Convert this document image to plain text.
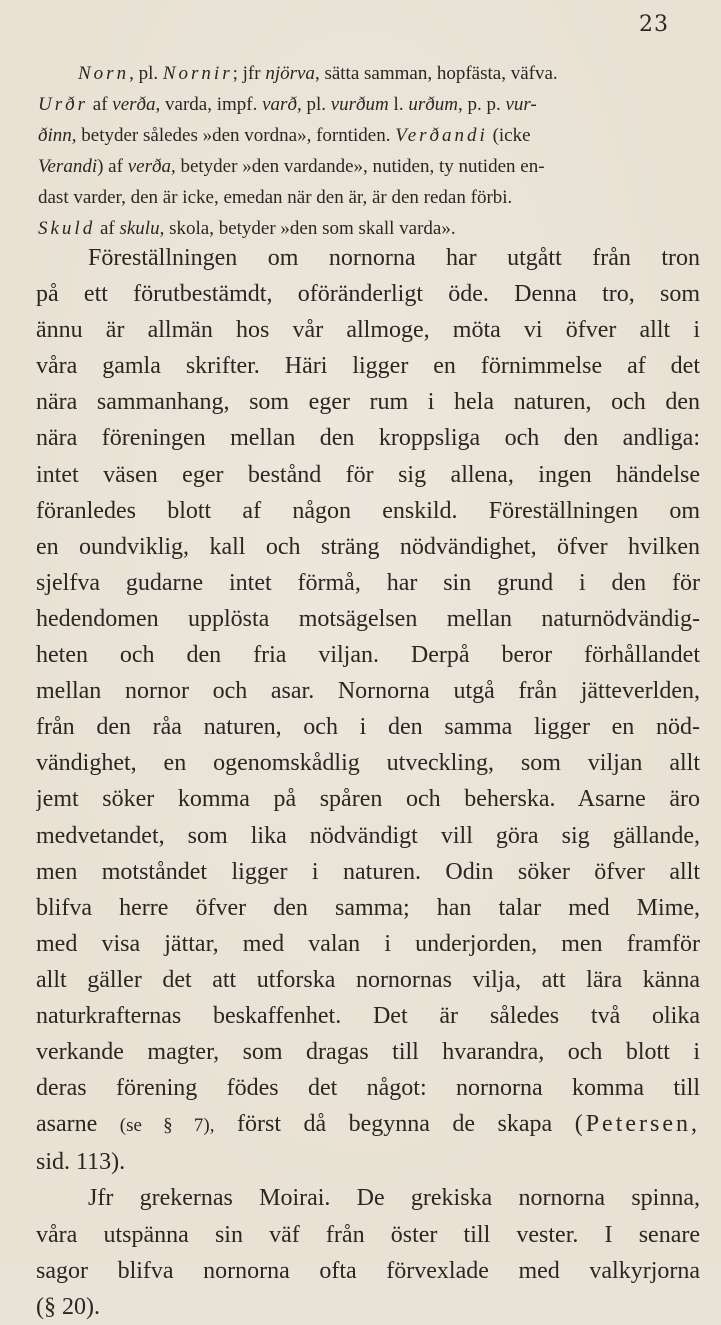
23
Norn, pl. Nornir; jfr njörva, sätta samman, hopfästa, väfva.
Urðr af verða, varda, impf. varð, pl. vurðum l. urðum, p. p. vur-
ðinn, betyder således »den vordna», forntiden. Verðandi (icke
Verandi) af verða, betyder »den vardande», nutiden, ty nutiden en-
dast varder, den är icke, emedan när den är, är den redan förbi.
Skuld af skulu, skola, betyder »den som skall varda».
Föreställningen om nornorna har utgått från tron
på ett förutbestämdt, oföränderligt öde. Denna tro, som
ännu är allmän hos vår allmoge, möta vi öfver allt i
våra gamla skrifter. Häri ligger en förnimmelse af det
nära sammanhang, som eger rum i hela naturen, och den
nära föreningen mellan den kroppsliga och den andliga:
intet väsen eger bestånd för sig allena, ingen händelse
föranledes blott af någon enskild. Föreställningen om
en oundviklig, kall och sträng nödvändighet, öfver hvilken
sjelfva gudarne intet förmå, har sin grund i den för
hedendomen upplösta motsägelsen mellan naturnödvändig-
heten och den fria viljan. Derpå beror förhållandet
mellan nornor och asar. Nornorna utgå från jätteverlden,
från den råa naturen, och i den samma ligger en nöd-
vändighet, en ogenomskådlig utveckling, som viljan allt
jemt söker komma på spåren och beherska. Asarne äro
medvetandet, som lika nödvändigt vill göra sig gällande,
men motståndet ligger i naturen. Odin söker öfver allt
blifva herre öfver den samma; han talar med Mime,
med visa jättar, med valan i underjorden, men framför
allt gäller det att utforska nornornas vilja, att lära känna
naturkrafternas beskaffenhet. Det är således två olika
verkande magter, som dragas till hvarandra, och blott i
deras förening födes det något: nornorna komma till
asarne (se § 7), först då begynna de skapa (Petersen,
sid. 113).
Jfr grekernas Moirai. De grekiska nornorna spinna,
våra utspänna sin väf från öster till vester. I senare
sagor blifva nornorna ofta förvexlade med valkyrjorna
(§ 20).
